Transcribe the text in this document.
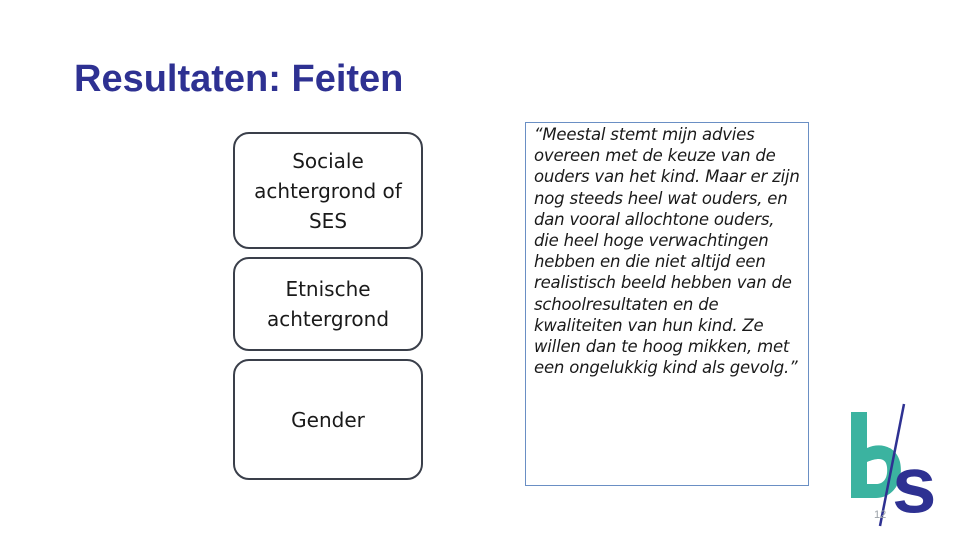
Resultaten: Feiten
Sociale achtergrond of SES
Etnische achtergrond
Gender
“Meestal stemt mijn advies overeen met de keuze van de ouders van het kind. Maar er zijn nog steeds heel wat ouders, en dan vooral allochtone ouders, die heel hoge verwachtingen hebben en die niet altijd een realistisch beeld hebben van de schoolresultaten en de kwaliteiten van hun kind. Ze willen dan te hoog mikken, met een ongelukkig kind als gevolg.”
s
12
